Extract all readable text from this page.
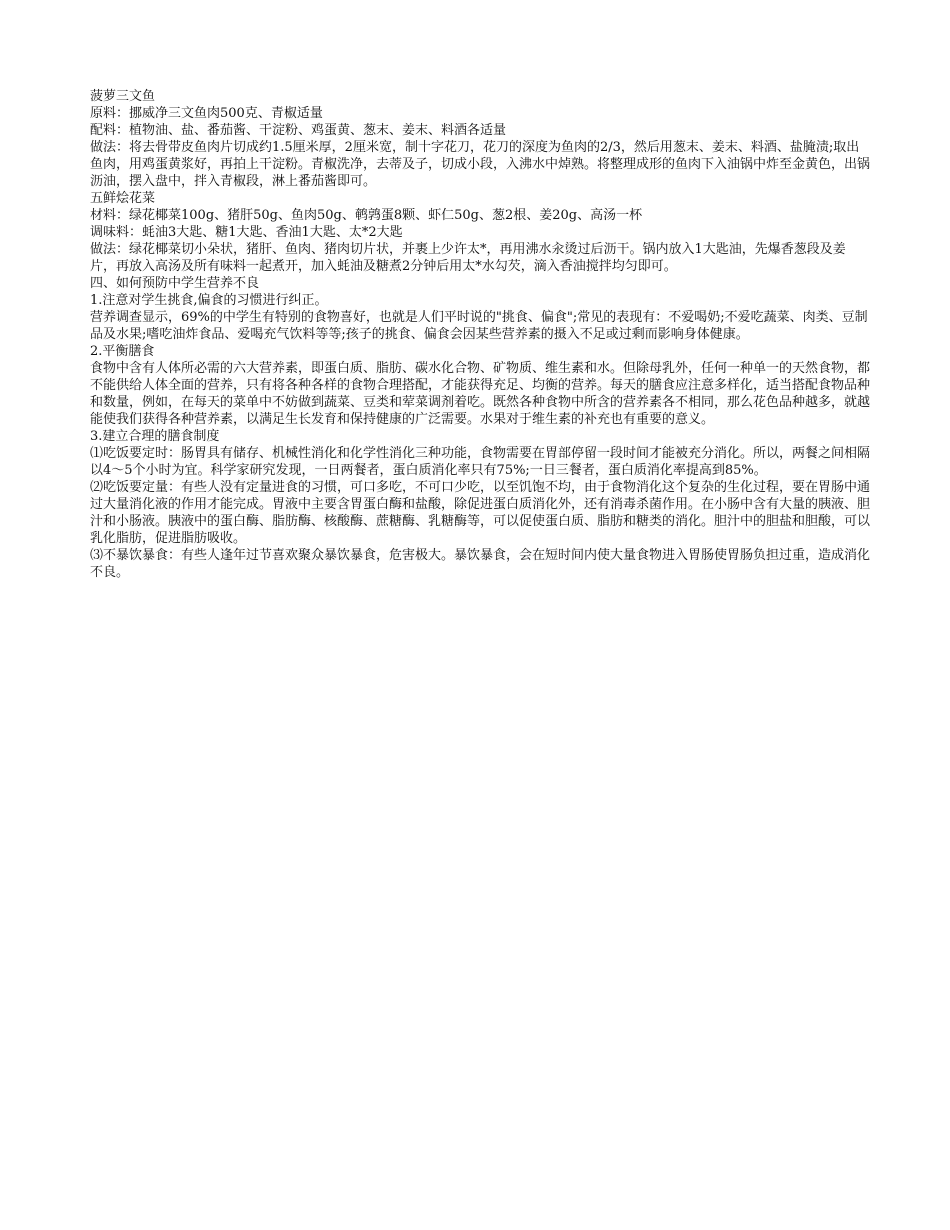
菠萝三文鱼

原料：挪威净三文鱼肉500克、青椒适量

配料：植物油、盐、番茄酱、干淀粉、鸡蛋黄、葱末、姜末、料酒各适量

做法：将去骨带皮鱼肉片切成约1.5厘米厚，2厘米宽，制十字花刀，花刀的深度为鱼肉的2/3，然后用葱末、姜末、料酒、盐腌渍;取出鱼肉，用鸡蛋黄浆好，再拍上干淀粉。青椒洗净，去蒂及子，切成小段，入沸水中焯熟。将整理成形的鱼肉下入油锅中炸至金黄色，出锅沥油，摆入盘中，拌入青椒段，淋上番茄酱即可。

五鲜烩花菜

材料：绿花椰菜100g、猪肝50g、鱼肉50g、鹌鹑蛋8颗、虾仁50g、葱2根、姜20g、高汤一杯

调味料：蚝油3大匙、糖1大匙、香油1大匙、太*2大匙

做法：绿花椰菜切小朵状，猪肝、鱼肉、猪肉切片状，并裹上少许太*，再用沸水汆烫过后沥干。锅内放入1大匙油，先爆香葱段及姜片，再放入高汤及所有味料一起煮开，加入蚝油及糖煮2分钟后用太*水勾芡，滴入香油搅拌均匀即可。

四、如何预防中学生营养不良

1.注意对学生挑食,偏食的习惯进行纠正。

营养调查显示，69%的中学生有特别的食物喜好，也就是人们平时说的"挑食、偏食";常见的表现有：不爱喝奶;不爱吃蔬菜、肉类、豆制品及水果;嗜吃油炸食品、爱喝充气饮料等等;孩子的挑食、偏食会因某些营养素的摄入不足或过剩而影响身体健康。

2.平衡膳食

食物中含有人体所必需的六大营养素，即蛋白质、脂肪、碳水化合物、矿物质、维生素和水。但除母乳外，任何一种单一的天然食物，都不能供给人体全面的营养，只有将各种各样的食物合理搭配，才能获得充足、均衡的营养。每天的膳食应注意多样化，适当搭配食物品种和数量，例如，在每天的菜单中不妨做到蔬菜、豆类和荤菜调剂着吃。既然各种食物中所含的营养素各不相同，那么花色品种越多，就越能使我们获得各种营养素，以满足生长发育和保持健康的广泛需要。水果对于维生素的补充也有重要的意义。

3.建立合理的膳食制度

⑴吃饭要定时：肠胃具有储存、机械性消化和化学性消化三种功能，食物需要在胃部停留一段时间才能被充分消化。所以，两餐之间相隔以4～5个小时为宜。科学家研究发现，一日两餐者，蛋白质消化率只有75%;一日三餐者，蛋白质消化率提高到85%。

⑵吃饭要定量：有些人没有定量进食的习惯，可口多吃，不可口少吃，以至饥饱不均，由于食物消化这个复杂的生化过程，要在胃肠中通过大量消化液的作用才能完成。胃液中主要含胃蛋白酶和盐酸，除促进蛋白质消化外，还有消毒杀菌作用。在小肠中含有大量的胰液、胆汁和小肠液。胰液中的蛋白酶、脂肪酶、核酸酶、蔗糖酶、乳糖酶等，可以促使蛋白质、脂肪和糖类的消化。胆汁中的胆盐和胆酸，可以乳化脂肪，促进脂肪吸收。

⑶不暴饮暴食：有些人逢年过节喜欢聚众暴饮暴食，危害极大。暴饮暴食，会在短时间内使大量食物进入胃肠使胃肠负担过重，造成消化不良。
